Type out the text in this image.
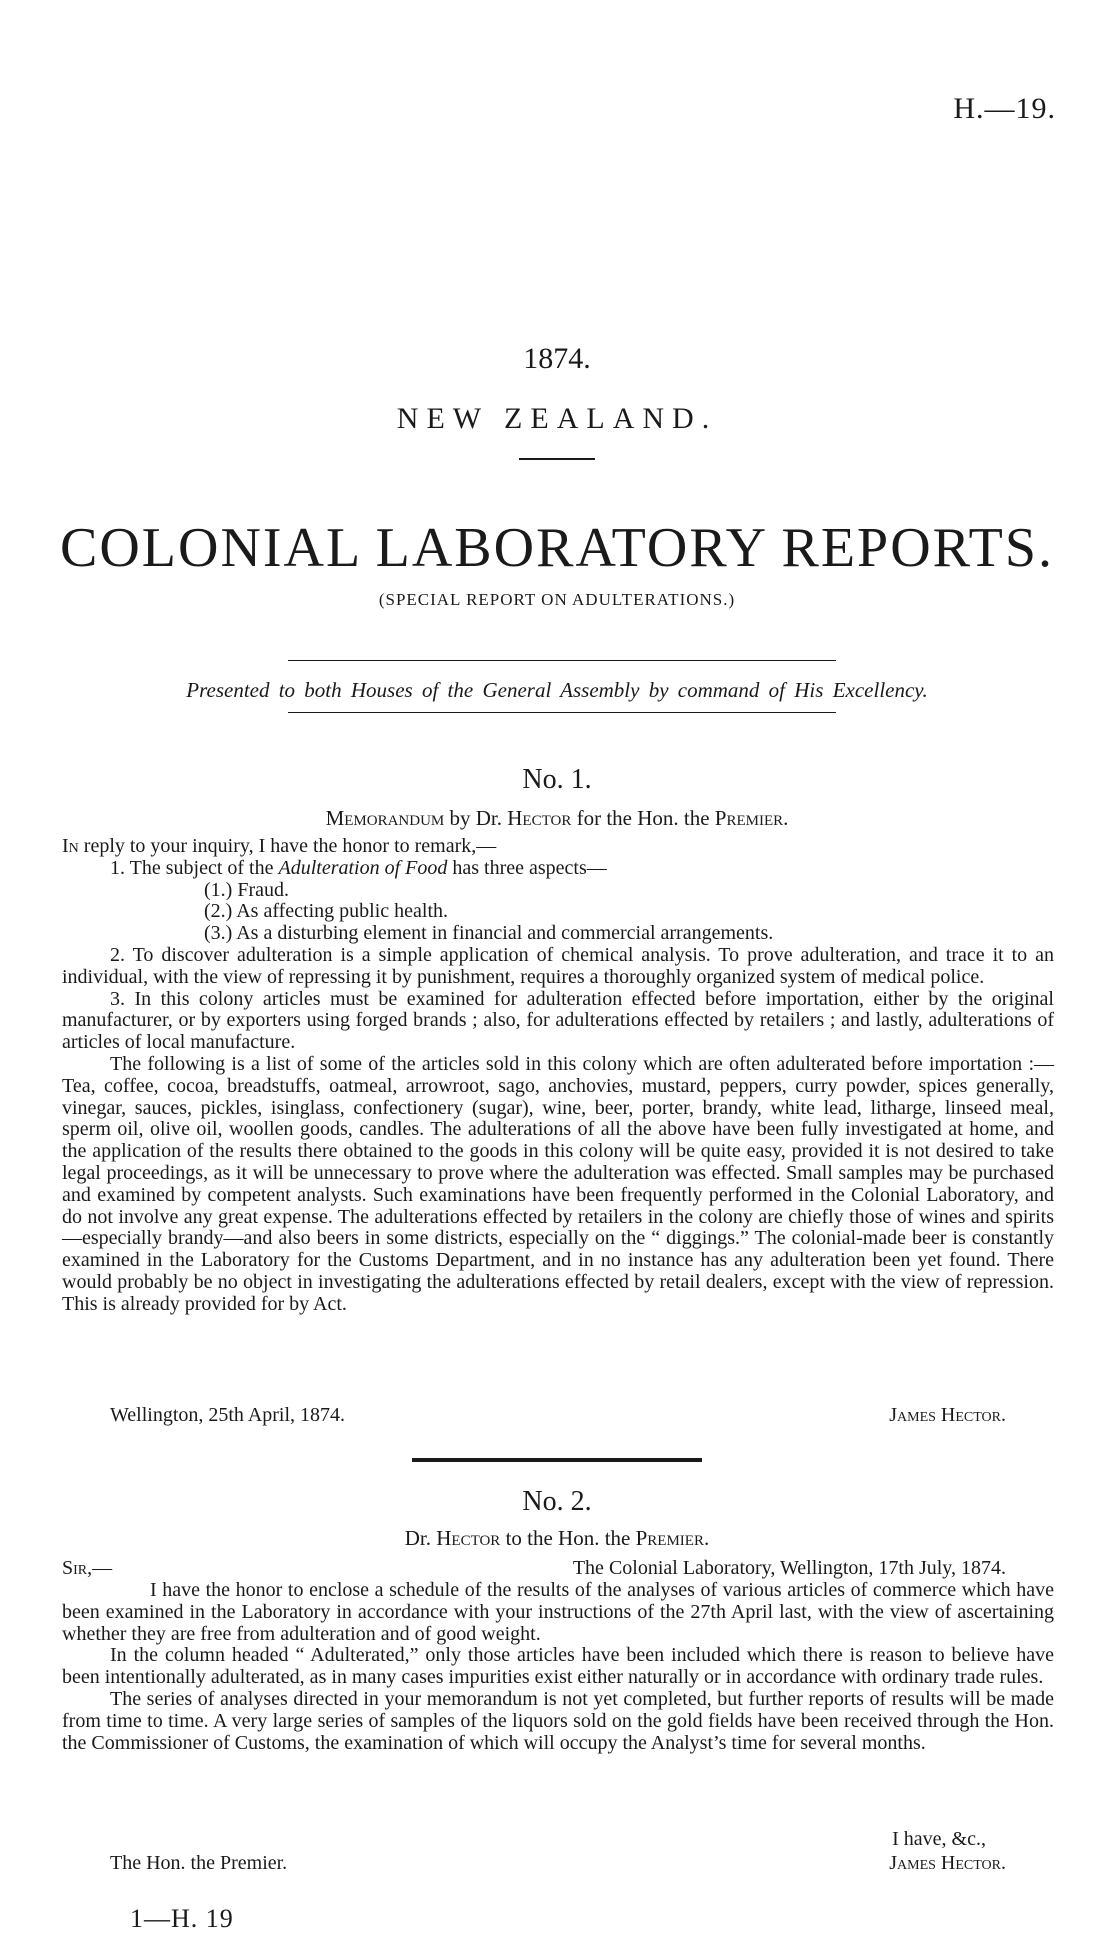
H.—19.
1874.
NEW ZEALAND.
COLONIAL LABORATORY REPORTS.
(SPECIAL REPORT ON ADULTERATIONS.)
Presented to both Houses of the General Assembly by command of His Excellency.
No. 1.
Memorandum by Dr. Hector for the Hon. the Premier.

In reply to your inquiry, I have the honor to remark,—

1. The subject of the Adulteration of Food has three aspects—

(1.) Fraud.

(2.) As affecting public health.

(3.) As a disturbing element in financial and commercial arrangements.

2. To discover adulteration is a simple application of chemical analysis. To prove adulteration, and trace it to an individual, with the view of repressing it by punishment, requires a thoroughly organized system of medical police.

3. In this colony articles must be examined for adulteration effected before importation, either by the original manufacturer, or by exporters using forged brands ; also, for adulterations effected by retailers ; and lastly, adulterations of articles of local manufacture.

The following is a list of some of the articles sold in this colony which are often adulterated before importation :—Tea, coffee, cocoa, breadstuffs, oatmeal, arrowroot, sago, anchovies, mustard, peppers, curry powder, spices generally, vinegar, sauces, pickles, isinglass, confectionery (sugar), wine, beer, porter, brandy, white lead, litharge, linseed meal, sperm oil, olive oil, woollen goods, candles. The adulterations of all the above have been fully investigated at home, and the application of the results there obtained to the goods in this colony will be quite easy, provided it is not desired to take legal proceedings, as it will be unnecessary to prove where the adulteration was effected. Small samples may be purchased and examined by competent analysts. Such examinations have been frequently performed in the Colonial Laboratory, and do not involve any great expense. The adulterations effected by retailers in the colony are chiefly those of wines and spirits—especially brandy—and also beers in some districts, especially on the “ diggings.” The colonial-made beer is constantly examined in the Laboratory for the Customs Department, and in no instance has any adulteration been yet found. There would probably be no object in investigating the adulterations effected by retail dealers, except with the view of repression. This is already provided for by Act.

Wellington, 25th April, 1874.	James Hector.
No. 2.
Dr. Hector to the Hon. the Premier.
Sir,—	The Colonial Laboratory, Wellington, 17th July, 1874.

I have the honor to enclose a schedule of the results of the analyses of various articles of commerce which have been examined in the Laboratory in accordance with your instructions of the 27th April last, with the view of ascertaining whether they are free from adulteration and of good weight.

In the column headed “ Adulterated,” only those articles have been included which there is reason to believe have been intentionally adulterated, as in many cases impurities exist either naturally or in accordance with ordinary trade rules.

The series of analyses directed in your memorandum is not yet completed, but further reports of results will be made from time to time. A very large series of samples of the liquors sold on the gold fields have been received through the Hon. the Commissioner of Customs, the examination of which will occupy the Analyst’s time for several months.

I have, &c.,
The Hon. the Premier.	James Hector.
1—H. 19
